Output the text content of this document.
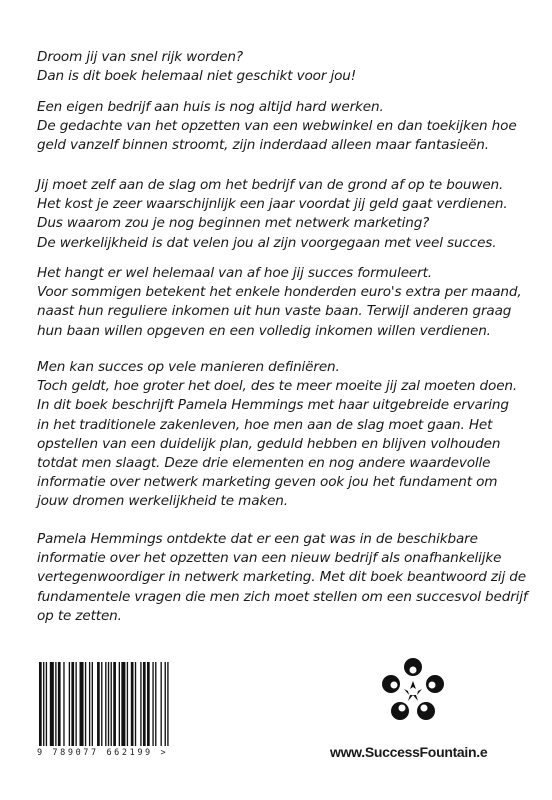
Droom jij van snel rijk worden?

Dan is dit boek helemaal niet geschikt voor jou!

Een eigen bedrijf aan huis is nog altijd hard werken.

De gedachte van het opzetten van een webwinkel en dan toekijken hoe

geld vanzelf binnen stroomt, zijn inderdaad alleen maar fantasieën.

Jij moet zelf aan de slag om het bedrijf van de grond af op te bouwen.

Het kost je zeer waarschijnlijk een jaar voordat jij geld gaat verdienen.

Dus waarom zou je nog beginnen met netwerk marketing?

De werkelijkheid is dat velen jou al zijn voorgegaan met veel succes.

Het hangt er wel helemaal van af hoe jij succes formuleert.

Voor sommigen betekent het enkele honderden euro's extra per maand,

naast hun reguliere inkomen uit hun vaste baan. Terwijl anderen graag

hun baan willen opgeven en een volledig inkomen willen verdienen.

Men kan succes op vele manieren definiëren.

Toch geldt, hoe groter het doel, des te meer moeite jij zal moeten doen.

In dit boek beschrijft Pamela Hemmings met haar uitgebreide ervaring

in het traditionele zakenleven, hoe men aan de slag moet gaan. Het

opstellen van een duidelijk plan, geduld hebben en blijven volhouden

totdat men slaagt. Deze drie elementen en nog andere waardevolle

informatie over netwerk marketing geven ook jou het fundament om

jouw dromen werkelijkheid te maken.

Pamela Hemmings ontdekte dat er een gat was in de beschikbare

informatie over het opzetten van een nieuw bedrijf als onafhankelijke

vertegenwoordiger in netwerk marketing. Met dit boek beantwoord zij de

fundamentele vragen die men zich moet stellen om een succesvol bedrijf

op te zetten.

9 789077 662199 >	www.SuccessFountain.e
